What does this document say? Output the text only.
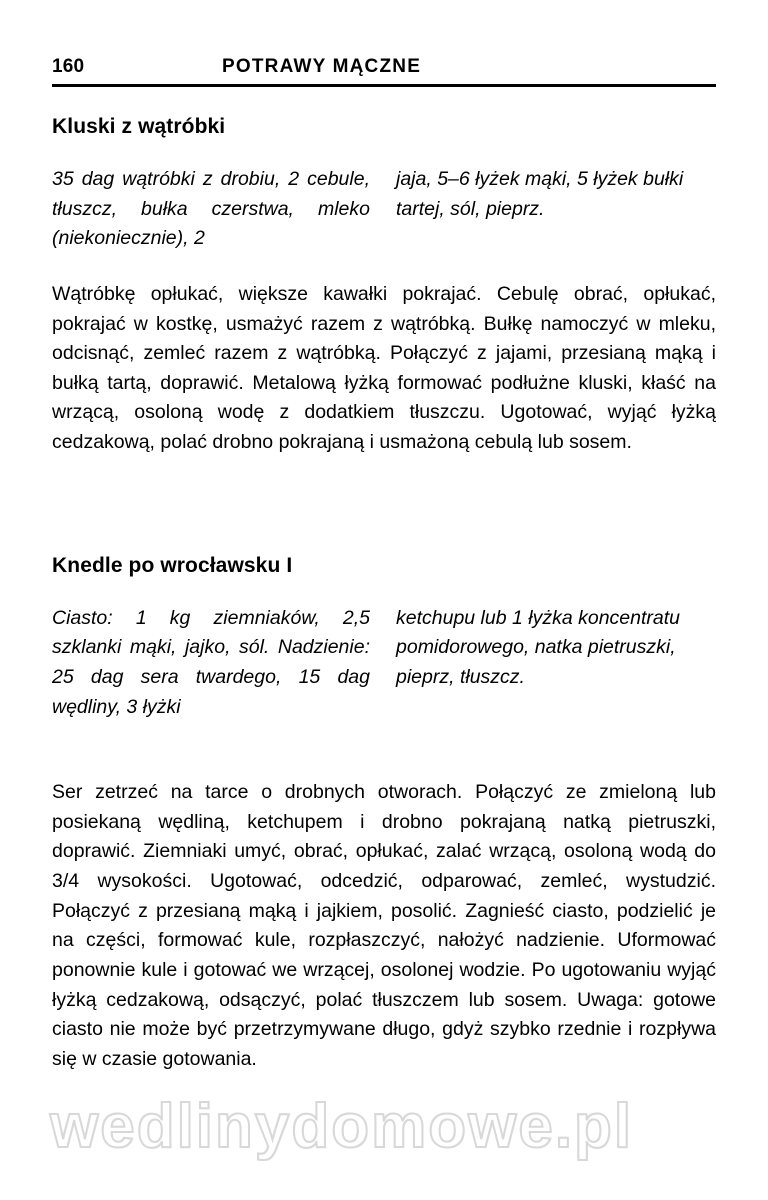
160	POTRAWY MĄCZNE
Kluski z wątróbki
35 dag wątróbki z drobiu, 2 cebule, tłuszcz, bułka czerstwa, mleko (niekoniecznie), 2
jaja, 5–6 łyżek mąki, 5 łyżek bułki tartej, sól, pieprz.

Wątróbkę opłukać, większe kawałki pokrajać. Cebulę obrać, opłukać, pokrajać w kostkę, usmażyć razem z wątróbką. Bułkę namoczyć w mleku, odcisnąć, zemleć razem z wątróbką. Połączyć z jajami, przesianą mąką i bułką tartą, doprawić. Metalową łyżką formować podłużne kluski, kłaść na wrzącą, osoloną wodę z dodatkiem tłuszczu. Ugotować, wyjąć łyżką cedzakową, polać drobno pokrajaną i usmażoną cebulą lub sosem.

Knedle po wrocławsku I
Ciasto: 1 kg ziemniaków, 2,5 szklanki mąki, jajko, sól. Nadzienie: 25 dag sera twardego, 15 dag wędliny, 3 łyżki
ketchupu lub 1 łyżka koncentratu pomidorowego, natka pietruszki, pieprz, tłuszcz.

Ser zetrzeć na tarce o drobnych otworach. Połączyć ze zmieloną lub posiekaną wędliną, ketchupem i drobno pokrajaną natką pietruszki, doprawić. Ziemniaki umyć, obrać, opłukać, zalać wrzącą, osoloną wodą do 3/4 wysokości. Ugotować, odcedzić, odparować, zemleć, wystudzić. Połączyć z przesianą mąką i jajkiem, posolić. Zagnieść ciasto, podzielić je na części, formować kule, rozpłaszczyć, nałożyć nadzienie. Uformować ponownie kule i gotować we wrzącej, osolonej wodzie. Po ugotowaniu wyjąć łyżką cedzakową, odsączyć, polać tłuszczem lub sosem. Uwaga: gotowe ciasto nie może być przetrzymywane długo, gdyż szybko rzednie i rozpływa się w czasie gotowania.

wedlinydomowe.pl
